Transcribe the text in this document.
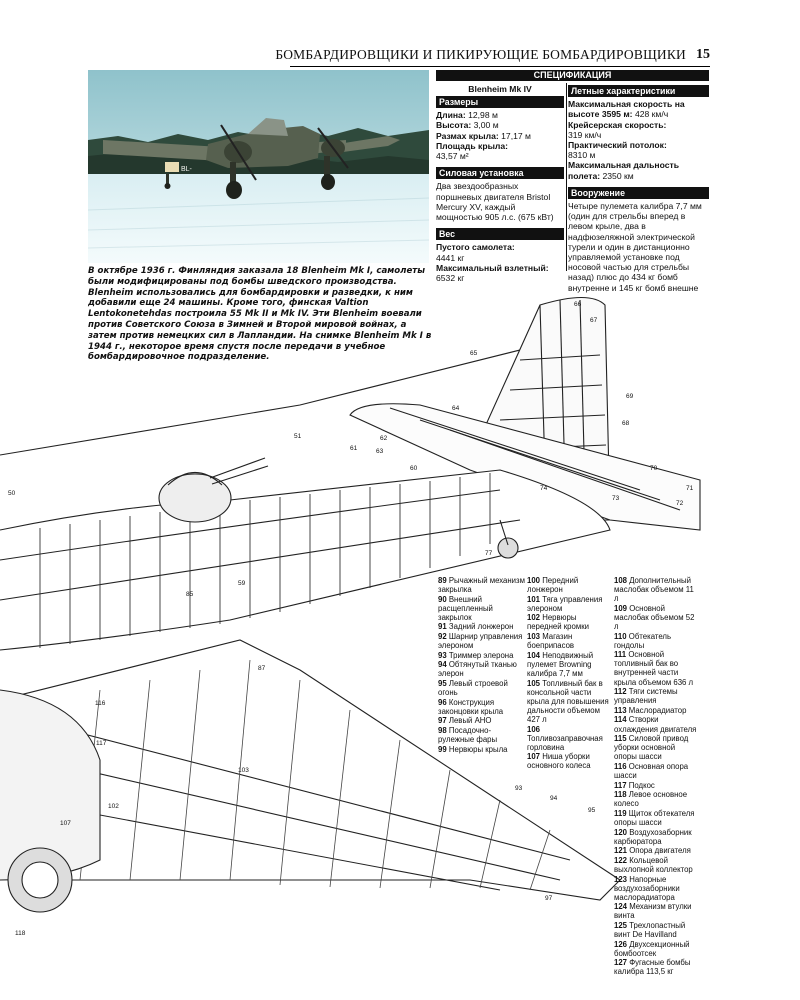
БОМБАРДИРОВЩИКИ И ПИКИРУЮЩИЕ БОМБАРДИРОВЩИКИ 15
BL-
В октябре 1936 г. Финляндия заказала 18 Blenheim Mk I, самолеты были модифицированы под бомбы шведского производства. Blenheim использовались для бомбардировки и разведки, к ним добавили еще 24 машины. Кроме того, финская Valtion Lentokonetehdas построила 55 Mk II и Mk IV. Эти Blenheim воевали против Советского Союза в Зимней и Второй мировой войнах, а затем против немецких сил в Лапландии. На снимке Blenheim Mk I в 1944 г., некоторое время спустя после передачи в учебное бомбардировочное подразделение.
СПЕЦИФИКАЦИЯ
Blenheim Mk IV
Размеры
Длина: 12,98 м
Высота: 3,00 м
Размах крыла: 17,17 м
Площадь крыла:
43,57 м²
Силовая установка
Два звездообразных поршневых двигателя Bristol Mercury XV, каждый мощностью 905 л.с. (675 кВт)
Вес
Пустого самолета:
4441 кг
Максимальный взлетный:
6532 кг
Летные характеристики
Максимальная скорость на высоте 3595 м: 428 км/ч
Крейсерская скорость:
319 км/ч
Практический потолок:
8310 м
Максимальная дальность полета: 2350 км
Вооружение
Четыре пулемета калибра 7,7 мм (один для стрельбы вперед в левом крыле, два в надфюзеляжной электрической турели и один в дистанционно управляемой установке под носовой частью для стрельбы назад) плюс до 434 кг бомб внутренне и 145 кг бомб внешне
50
51
59
60
61
62
63
64
65
66
67
68
69
70
71
72
73
74
77
85
87
93
94
95
97
102
103
107
116
117
118
89 Рычажный механизм закрылка
90 Внешний расщепленный закрылок
91 Задний лонжерон
92 Шарнир управления элероном
93 Триммер элерона
94 Обтянутый тканью элерон
95 Левый строевой огонь
96 Конструкция законцовки крыла
97 Левый АНО
98 Посадочно-рулежные фары
99 Нервюры крыла
100 Передний лонжерон
101 Тяга управления элероном
102 Нервюры передней кромки
103 Магазин боеприпасов
104 Неподвижный пулемет Browning калибра 7,7 мм
105 Топливный бак в консольной части крыла для повышения дальности объемом 427 л
106 Топливозаправочная горловина
107 Ниша уборки основного колеса
108 Дополнительный маслобак объемом 11 л
109 Основной маслобак объемом 52 л
110 Обтекатель гондолы
111 Основной топливный бак во внутренней части крыла объемом 636 л
112 Тяги системы управления
113 Маслорадиатор
114 Створки охлаждения двигателя
115 Силовой привод уборки основной опоры шасси
116 Основная опора шасси
117 Подкос
118 Левое основное колесо
119 Щиток обтекателя опоры шасси
120 Воздухозаборник карбюратора
121 Опора двигателя
122 Кольцевой выхлопной коллектор
123 Напорные воздухозаборники маслорадиатора
124 Механизм втулки винта
125 Трехлопастный винт De Havilland
126 Двухсекционный бомбоотсек
127 Фугасные бомбы калибра 113,5 кг
